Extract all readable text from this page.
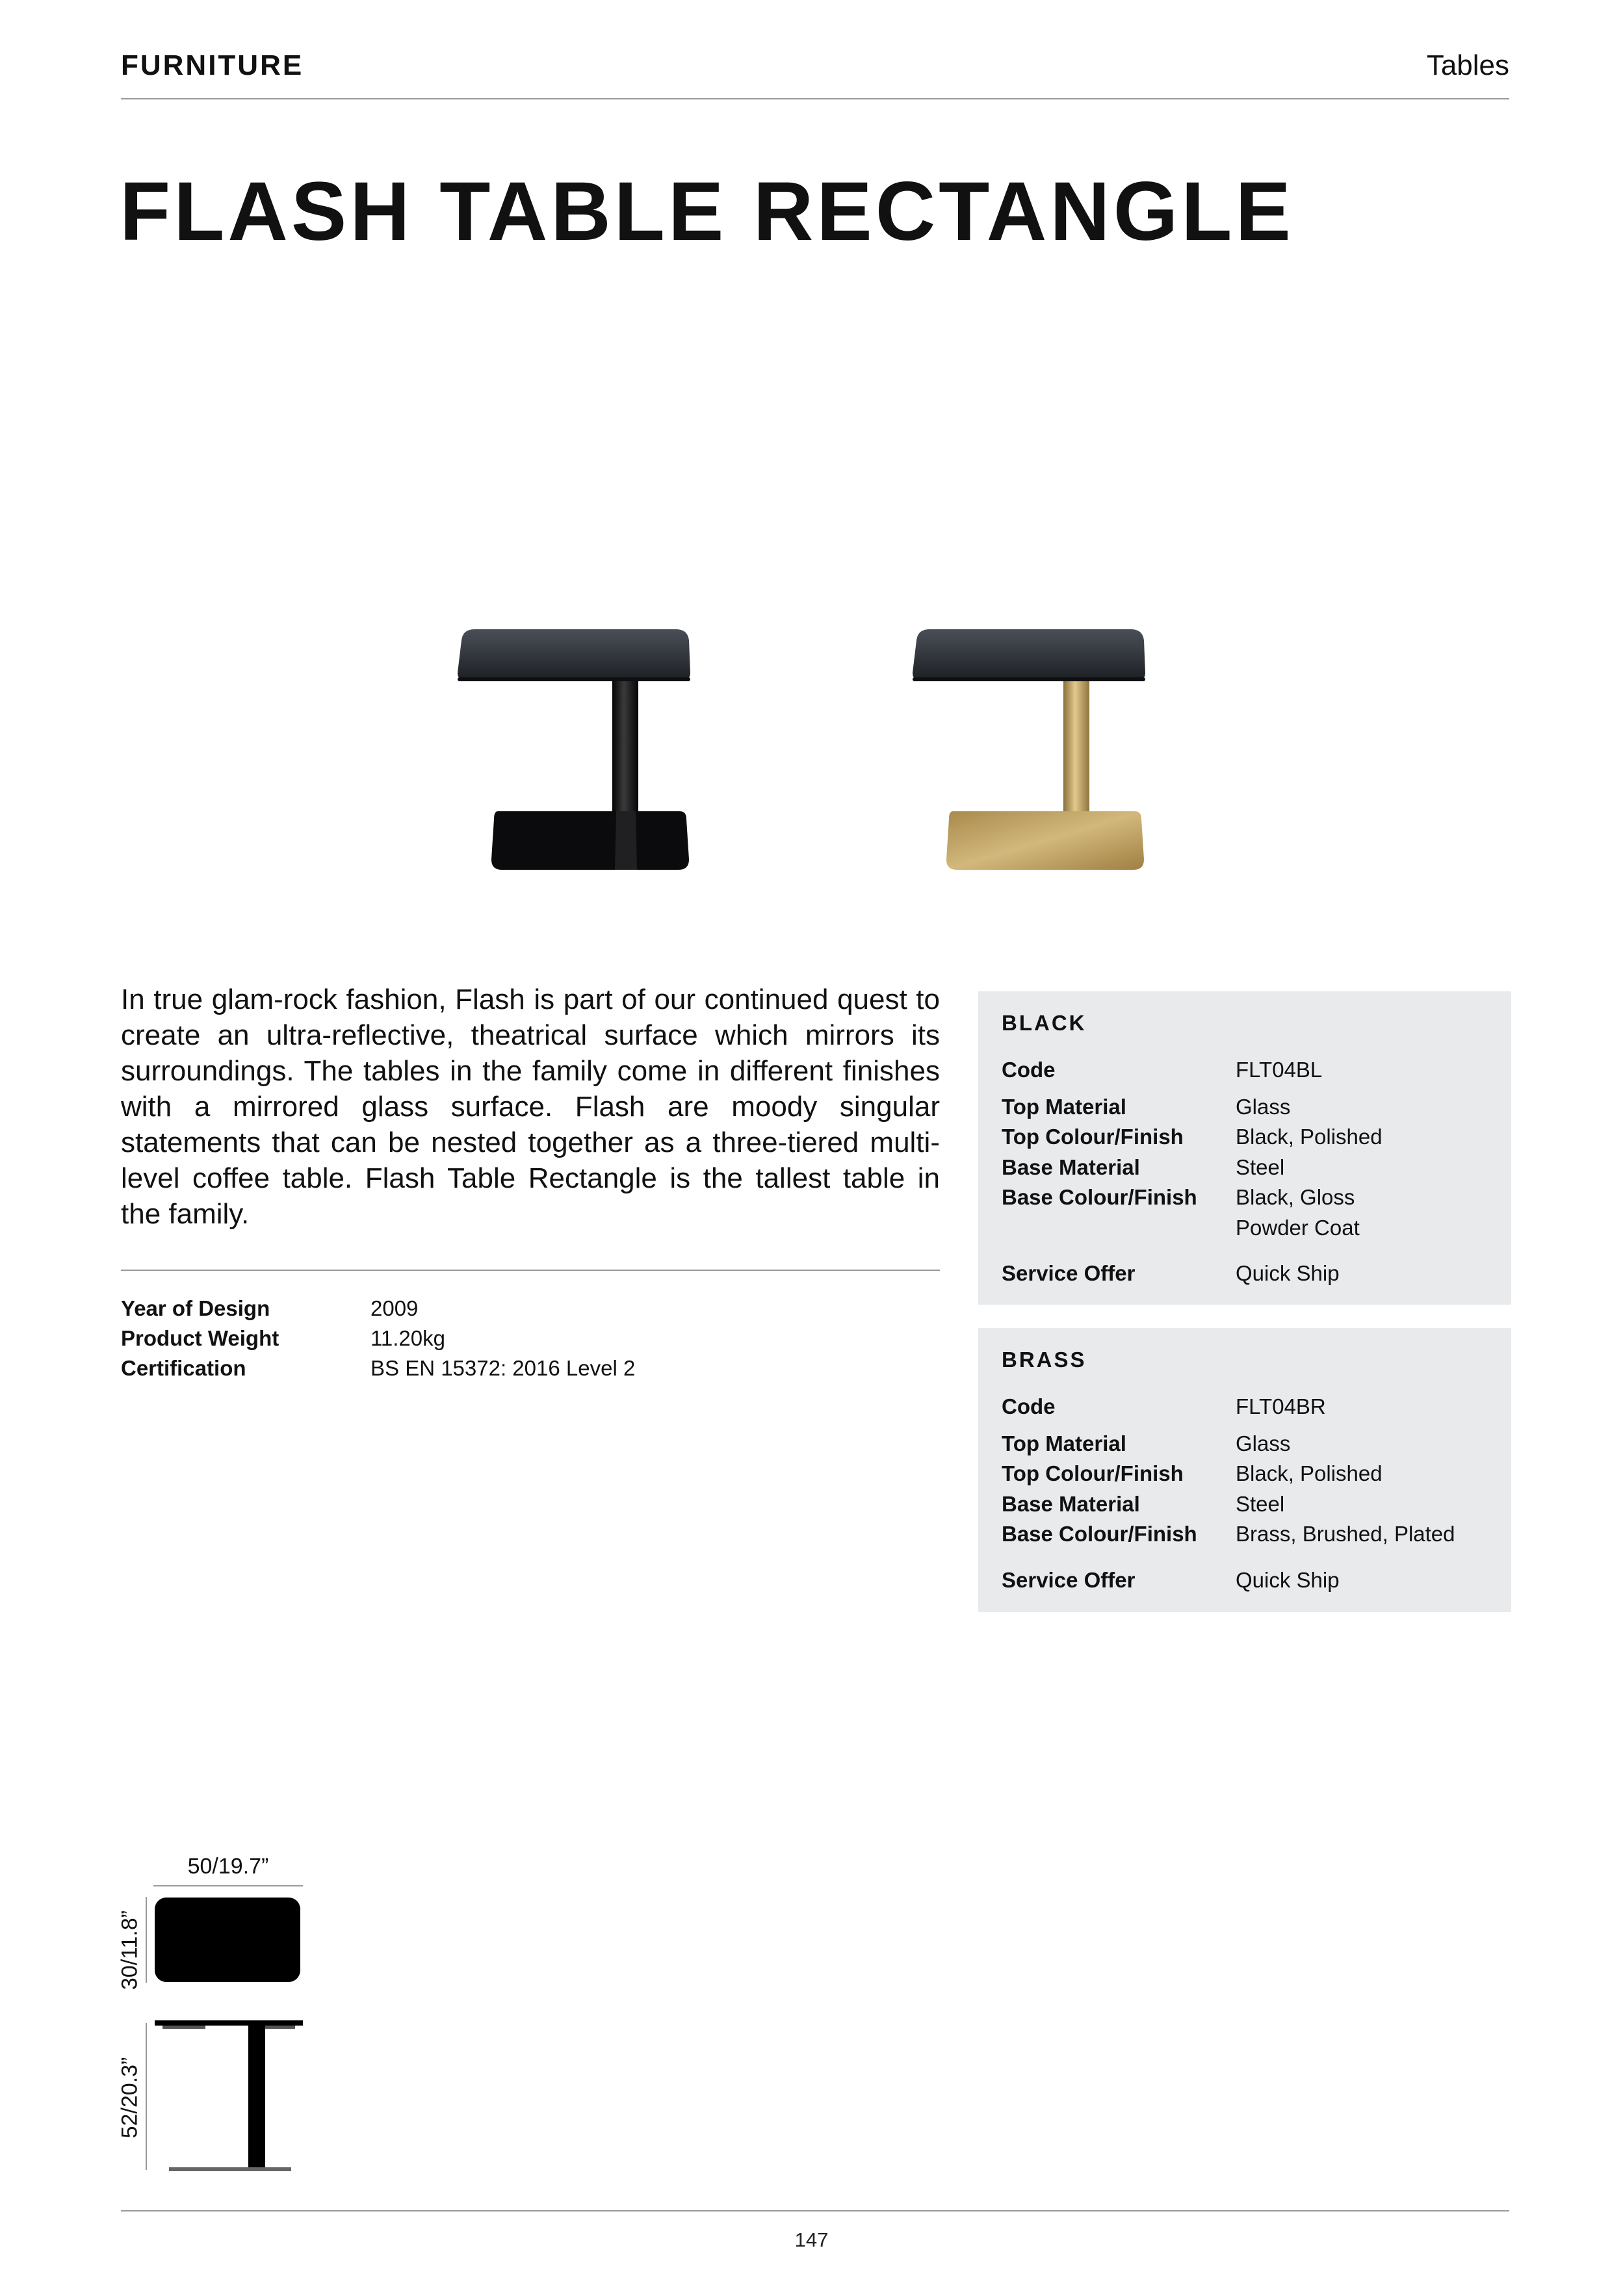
FURNITURE	Tables
FLASH TABLE RECTANGLE
In true glam-rock fashion, Flash is part of our continued quest to create an ultra-reflective, theatrical surface which mirrors its surroundings. The tables in the family come in different finishes with a mirrored glass surface. Flash are moody singular statements that can be nested together as a three-tiered multi-level coffee table. Flash Table Rectangle is the tallest table in the family.
Year of Design	2009
Product Weight	11.20kg
Certification	BS EN 15372: 2016 Level 2
BLACK
Code	FLT04BL
Top Material	Glass
Top Colour/Finish	Black, Polished
Base Material	Steel
Base Colour/Finish	Black, Gloss Powder Coat
Service Offer	Quick Ship
BRASS
Code	FLT04BR
Top Material	Glass
Top Colour/Finish	Black, Polished
Base Material	Steel
Base Colour/Finish	Brass, Brushed, Plated
Service Offer	Quick Ship
50/19.7”
30/11.8”
52/20.3”
147
